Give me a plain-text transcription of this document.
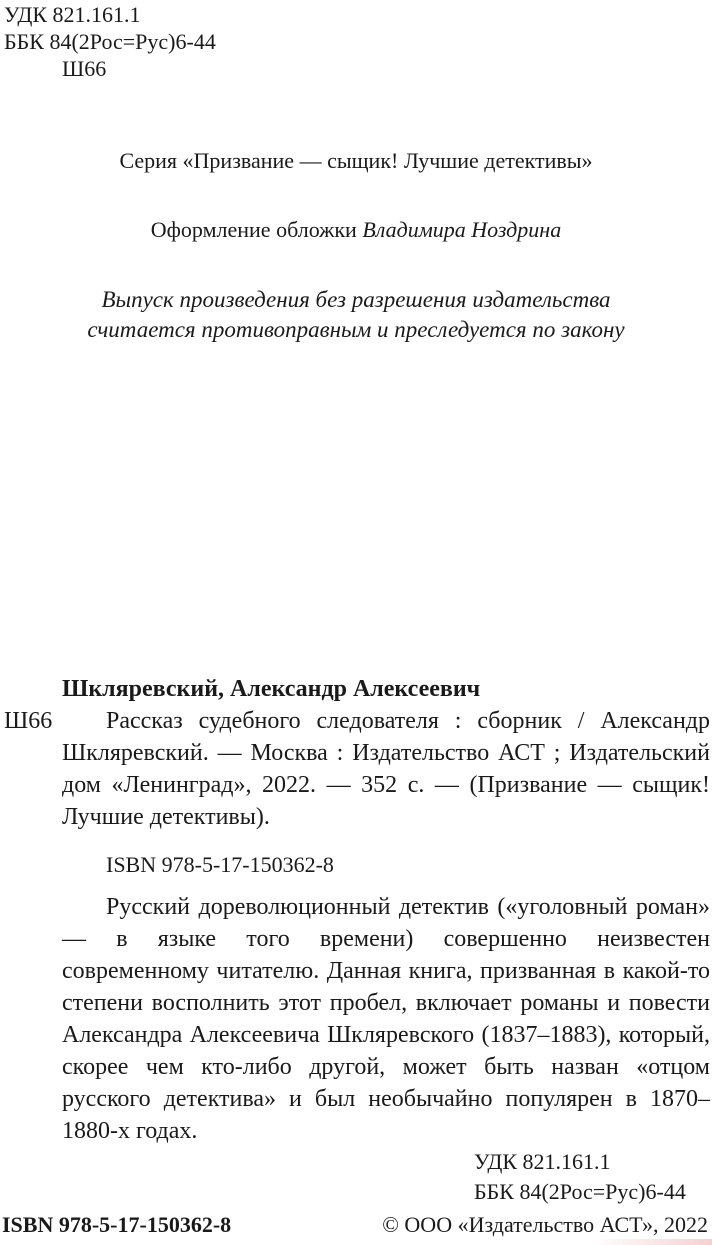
УДК 821.161.1
ББК 84(2Рос=Рус)6-44
Ш66
Серия «Призвание — сыщик! Лучшие детективы»
Оформление обложки Владимира Ноздрина
Выпуск произведения без разрешения издательства
считается противоправным и преследуется по закону
Шклярeвский, Александр Алексеевич
Ш66	Рассказ судебного следователя : сборник / Александр Шклярeвский. — Москва : Издательство АСТ ; Издательский дом «Ленинград», 2022. — 352 с. — (Призвание — сыщик! Лучшие детективы).
ISBN 978-5-17-150362-8
Русский дореволюционный детектив («уголовный роман» — в языке того времени) совершенно неизвестен современному читателю. Данная книга, призванная в какой-то степени восполнить этот пробел, включает романы и повести Александра Алексеевича Шклярeвского (1837–1883), который, скорее чем кто-либо другой, может быть назван «отцом русского детектива» и был необычайно популярен в 1870–1880-х годах.
УДК 821.161.1
ББК 84(2Рос=Рус)6-44
ISBN 978-5-17-150362-8	© ООО «Издательство АСТ», 2022
